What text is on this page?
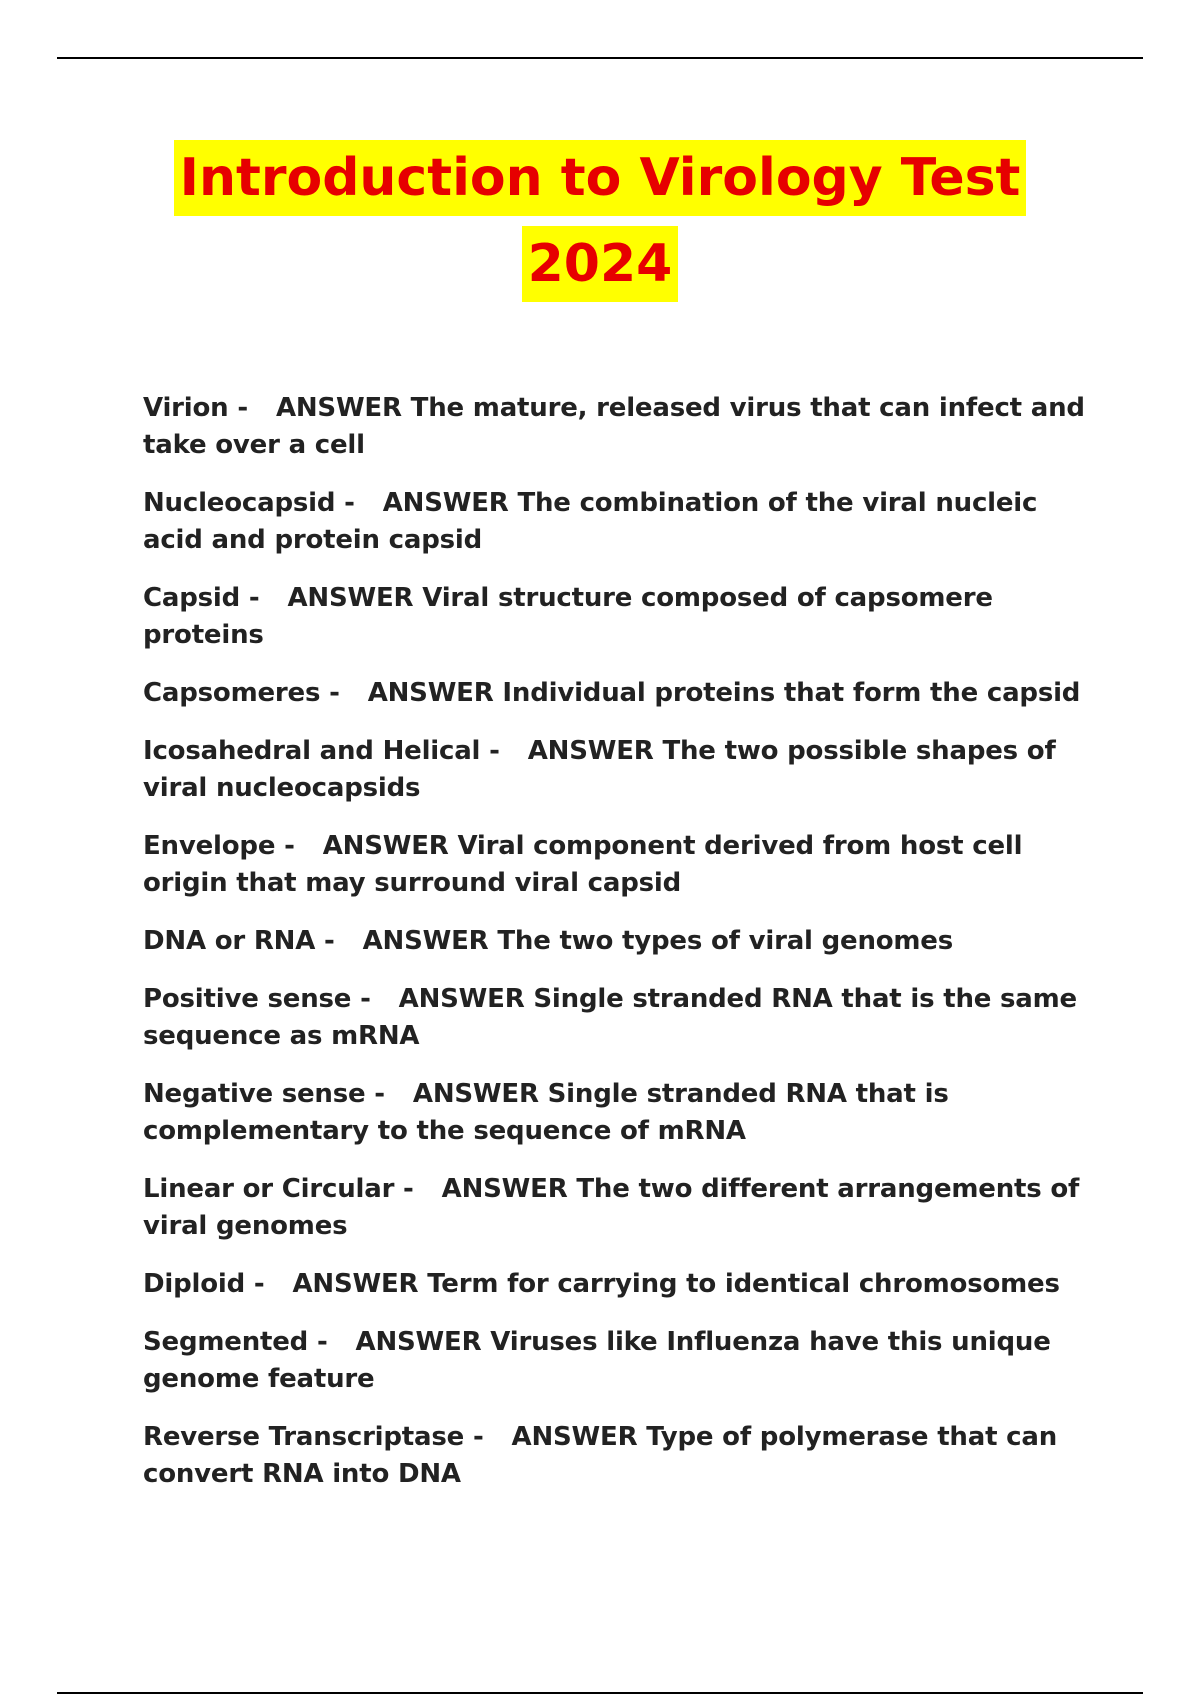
Introduction to Virology Test
2024
Virion - ANSWER The mature, released virus that can infect and take over a cell
Nucleocapsid - ANSWER The combination of the viral nucleic acid and protein capsid
Capsid - ANSWER Viral structure composed of capsomere proteins
Capsomeres - ANSWER Individual proteins that form the capsid
Icosahedral and Helical - ANSWER The two possible shapes of viral nucleocapsids
Envelope - ANSWER Viral component derived from host cell origin that may surround viral capsid
DNA or RNA - ANSWER The two types of viral genomes
Positive sense - ANSWER Single stranded RNA that is the same sequence as mRNA
Negative sense - ANSWER Single stranded RNA that is complementary to the sequence of mRNA
Linear or Circular - ANSWER The two different arrangements of viral genomes
Diploid - ANSWER Term for carrying to identical chromosomes
Segmented - ANSWER Viruses like Influenza have this unique genome feature
Reverse Transcriptase - ANSWER Type of polymerase that can convert RNA into DNA
